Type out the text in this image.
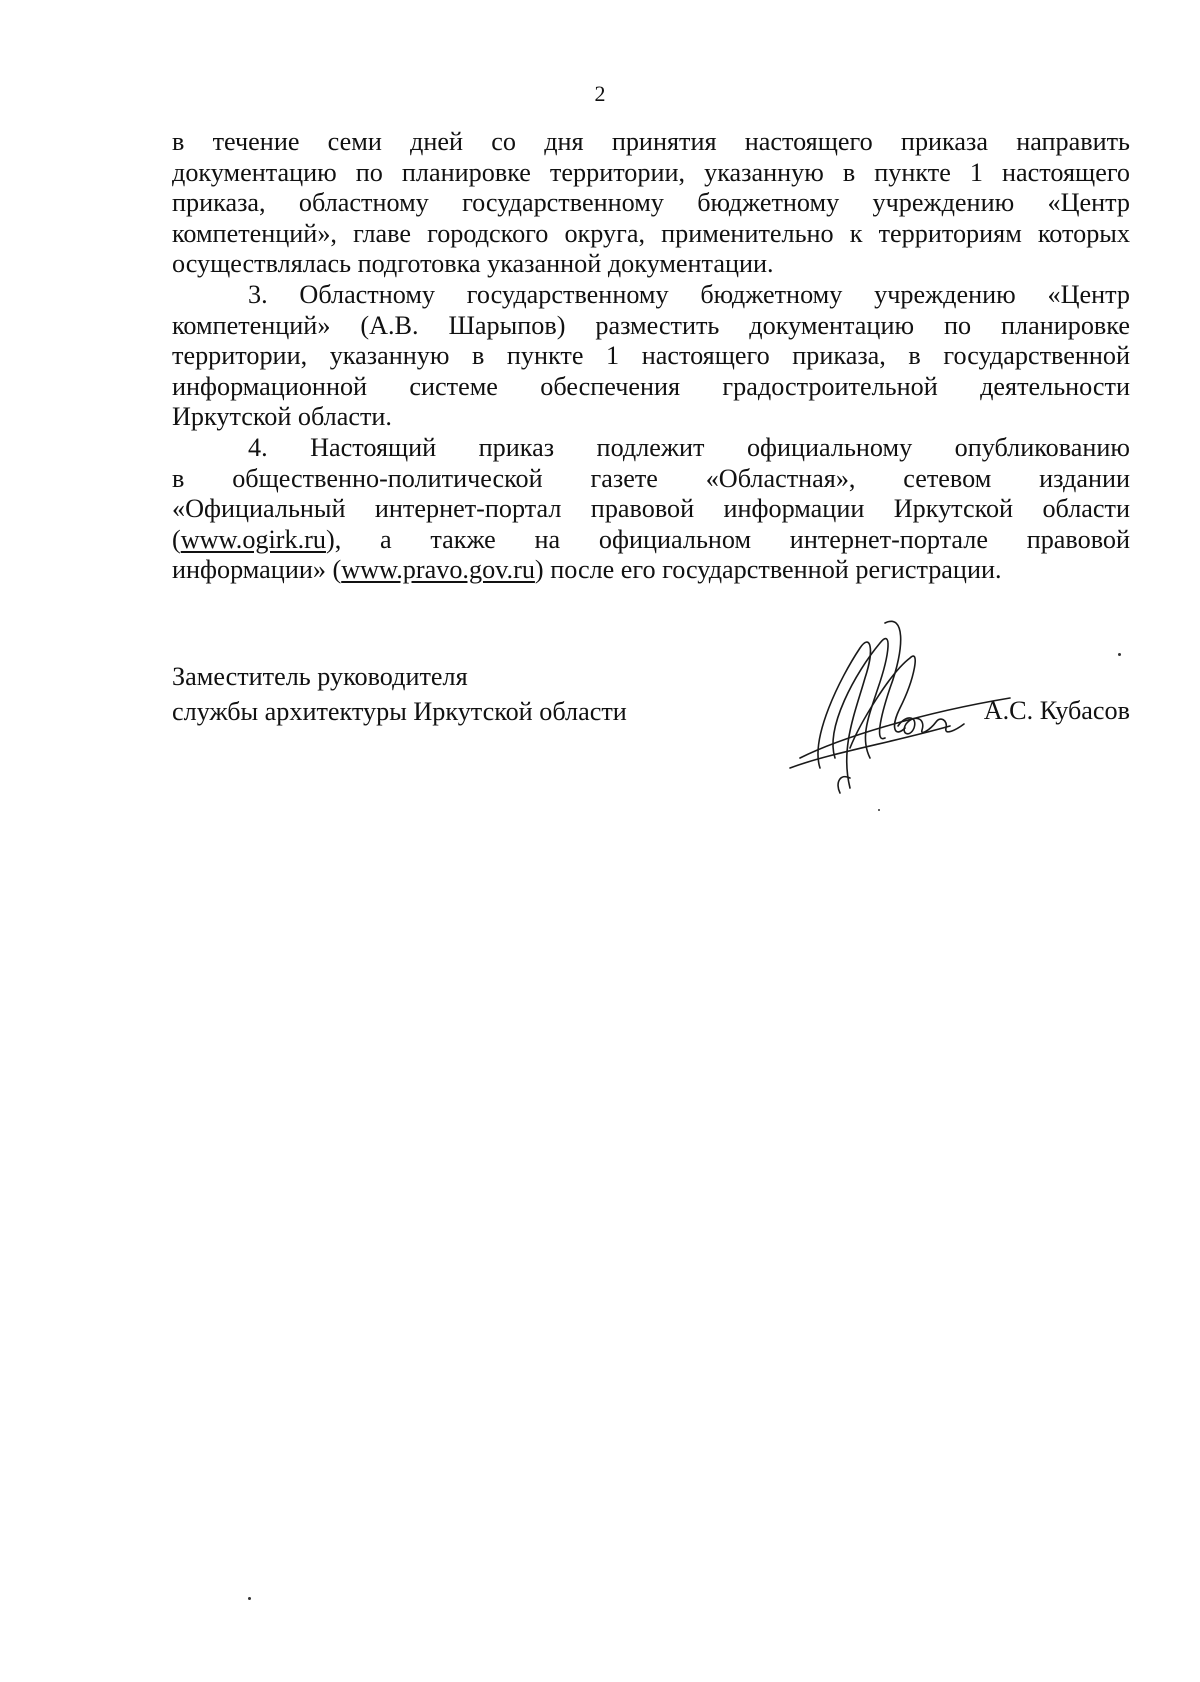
2
в течение семи дней со дня принятия настоящего приказа направить
документацию по планировке территории, указанную в пункте 1 настоящего
приказа, областному государственному бюджетному учреждению «Центр
компетенций», главе городского округа, применительно к территориям которых
осуществлялась подготовка указанной документации.
3. Областному государственному бюджетному учреждению «Центр
компетенций» (А.В. Шарыпов) разместить документацию по планировке
территории, указанную в пункте 1 настоящего приказа, в государственной
информационной системе обеспечения градостроительной деятельности
Иркутской области.
4. Настоящий приказ подлежит официальному опубликованию
в общественно-политической газете «Областная», сетевом издании
«Официальный интернет-портал правовой информации Иркутской области
(www.ogirk.ru), а также на официальном интернет-портале правовой
информации» (www.pravo.gov.ru) после его государственной регистрации.
Заместитель руководителя
службы архитектуры Иркутской области	А.С. Кубасов
